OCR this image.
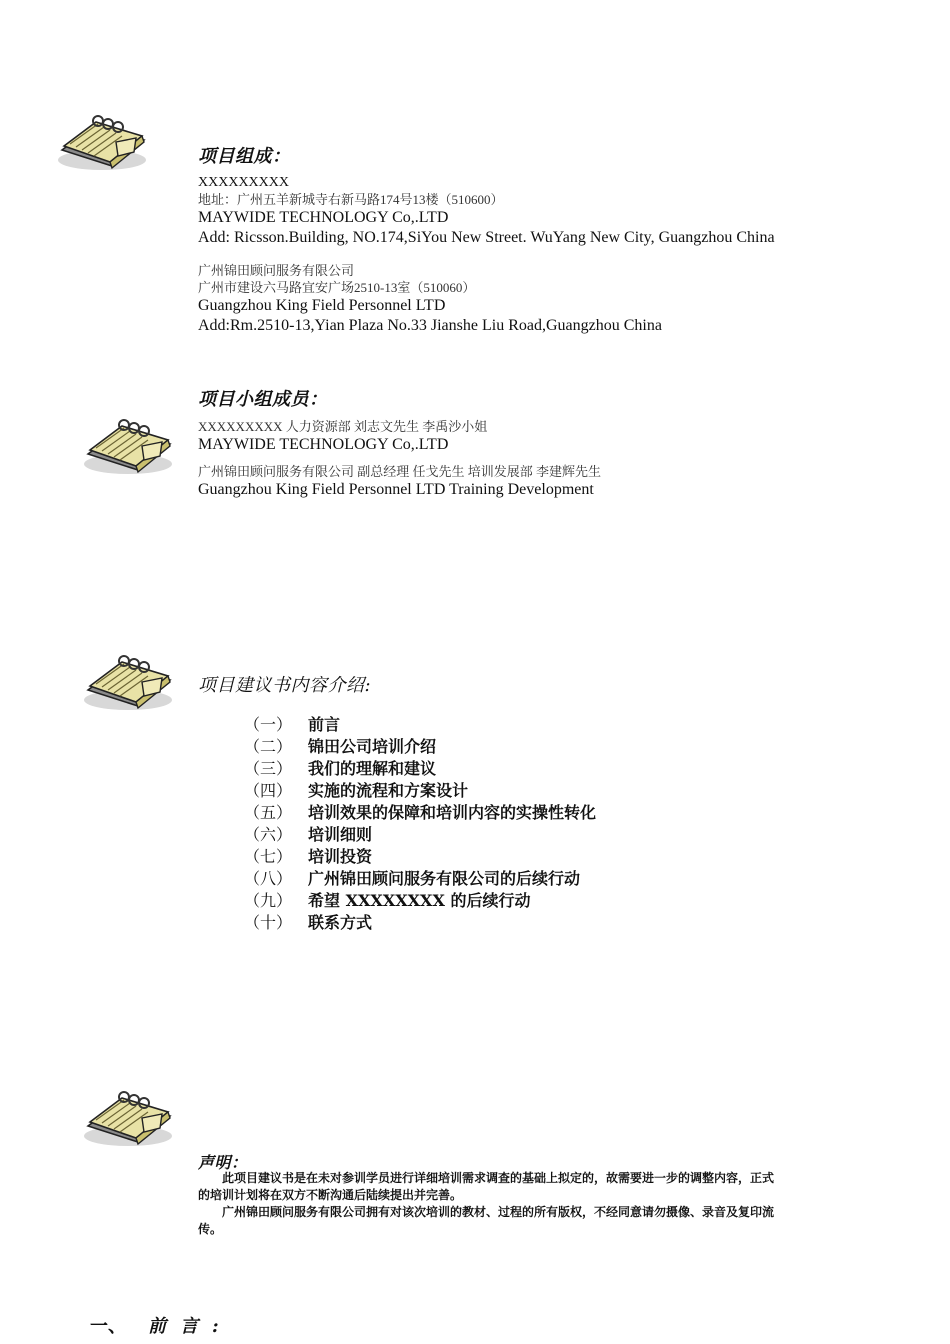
项目组成：
XXXXXXXXX
地址：广州五羊新城寺右新马路174号13楼（510600）
MAYWIDE TECHNOLOGY Co,.LTD
Add: Ricsson.Building, NO.174,SiYou New Street. WuYang New City, Guangzhou China
广州锦田顾问服务有限公司
广州市建设六马路宜安广场2510-13室（510060）
Guangzhou King Field Personnel LTD
Add:Rm.2510-13,Yian Plaza No.33 Jianshe Liu Road,Guangzhou China
项目小组成员：
XXXXXXXXX 人力资源部 刘志文先生 李禹沙小姐
MAYWIDE TECHNOLOGY Co,.LTD
广州锦田顾问服务有限公司 副总经理 任戈先生 培训发展部 李建辉先生
Guangzhou King Field Personnel LTD Training Development
项目建议书内容介绍:
（一） 前言
（二） 锦田公司培训介绍
（三） 我们的理解和建议
（四） 实施的流程和方案设计
（五） 培训效果的保障和培训内容的实操性转化
（六） 培训细则
（七） 培训投资
（八） 广州锦田顾问服务有限公司的后续行动
（九） 希望 XXXXXXXX 的后续行动
（十） 联系方式
声明：

此项目建议书是在未对参训学员进行详细培训需求调查的基础上拟定的，故需要进一步的调整内容，正式的培训计划将在双方不断沟通后陆续提出并完善。

广州锦田顾问服务有限公司拥有对该次培训的教材、过程的所有版权，不经同意请勿摄像、录音及复印流传。

一、 前言:
